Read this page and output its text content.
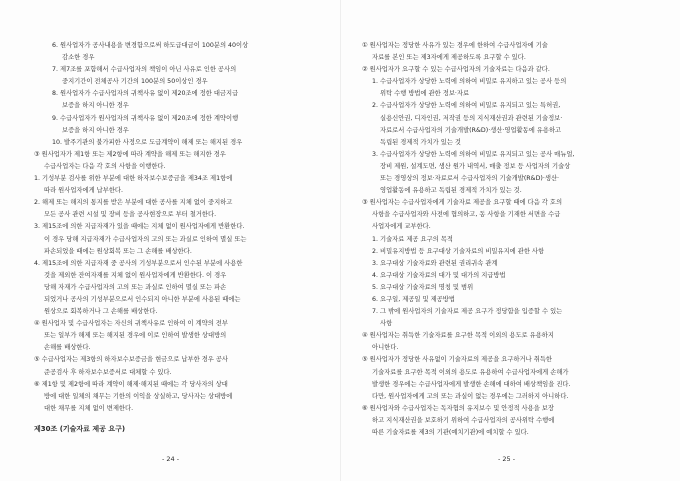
6. 원사업자가 공사내용을 변경함으로써 하도급대금이 100분의 40이상
감소한 경우
7. 제7조를 포함해서 수급사업자의 책임이 아닌 사유로 인한 공사의
중지기간이 전체공사 기간의 100분의 50이상인 경우
8. 원사업자가 수급사업자의 귀책사유 없이 제20조에 정한 대금지급
보증을 하지 아니한 경우
9. 수급사업자가 원사업자의 귀책사유 없이 제20조에 정한 계약이행
보증을 하지 아니한 경우
10. 발주기관의 불가피한 사정으로 도급계약이 해제 또는 해지된 경우
③ 원사업자가 제1항 또는 제2항에 따라 계약을 해제 또는 해지한 경우
수급사업자는 다음 각 호의 사항을 이행한다.
1. 기성부분 검사를 위한 부분에 대한 하자보수보증금을 제34조 제1항에
따라 원사업자에게 납부한다.
2. 해제 또는 해지의 통지를 받은 부분에 대한 공사를 지체 없이 중지하고
모든 공사 관련 시설 및 장비 등을 공사현장으로 부터 철거한다.
3. 제15조에 의한 지급자재가 있을 때에는 지체 없이 원사업자에게 반환한다.
이 경우 당해 지급자재가 수급사업자의 고의 또는 과실로 인하여 멸실 또는
파손되었을 때에는 원상회복 또는 그 손해를 배상한다.
4. 제15조에 의한 지급자재 중 공사의 기성부분으로서 인수된 부분에 사용한
것을 제외한 잔여자재를 지체 없이 원사업자에게 반환한다. 이 경우
당해 자재가 수급사업자의 고의 또는 과실로 인하여 멸실 또는 파손
되었거나 공사의 기성부분으로서 인수되지 아니한 부분에 사용된 때에는
원상으로 회복하거나 그 손해를 배상한다.
④ 원사업자 및 수급사업자는 자신의 귀책사유로 인하여 이 계약의 전부
또는 일부가 해제 또는 해지된 경우에 이로 인하여 발생한 상대방의
손해를 배상한다.
⑤ 수급사업자는 제3항의 하자보수보증금을 현금으로 납부한 경우 공사
준공검사 후 하자보수보증서로 대체할 수 있다.
⑥ 제1항 및 제2항에 따라 계약이 해제·해지된 때에는 각 당사자의 상대
방에 대한 일체의 채무는 기한의 이익을 상실하고, 당사자는 상대방에
대한 채무를 지체 없이 변제한다.
제30조 (기술자료 제공 요구)
① 원사업자는 정당한 사유가 있는 경우에 한하여 수급사업자에 기술
자료를 본인 또는 제3자에게 제공하도록 요구할 수 있다.
② 원사업자가 요구할 수 있는 수급사업자의 기술자료는 다음과 같다.
1. 수급사업자가 상당한 노력에 의하여 비밀로 유지하고 있는 공사 등의
위탁 수행 방법에 관한 정보·자료
2. 수급사업자가 상당한 노력에 의하여 비밀로 유지되고 있는 특허권,
실용신안권, 디자인권, 저작권 등의 지식재산권과 관련된 기술정보·
자료로서 수급사업자의 기술개발(R&D)·생산·영업활동에 유용하고
독립된 경제적 가치가 있는 것
3. 수급사업자가 상당한 노력에 의하여 비밀로 유지되고 있는 공사 매뉴얼,
장비 제원, 설계도면, 생산 원가 내역서, 매출 정보 등 사업자의 기술상
또는 경영상의 정보·자료로서 수급사업자의 기술개발(R&D)·생산·
영업활동에 유용하고 독립된 경제적 가치가 있는 것.
③ 원사업자는 수급사업자에게 기술자료 제공을 요구할 때에 다음 각 호의
사항을 수급사업자와 사전에 협의하고, 동 사항을 기재한 서면을 수급
사업자에게 교부한다.
1. 기술자료 제공 요구의 목적
2. 비밀유지방법 등 요구대상 기술자료의 비밀유지에 관한 사항
3. 요구대상 기술자료와 관련된 권리귀속 관계
4. 요구대상 기술자료의 대가 및 대가의 지급방법
5. 요구대상 기술자료의 명칭 및 범위
6. 요구일, 제공일 및 제공방법
7. 그 밖에 원사업자의 기술자료 제공 요구가 정당함을 입증할 수 있는
사항
④ 원사업자는 취득한 기술자료를 요구한 목적 이외의 용도로 유용하지
아니한다.
⑤ 원사업자가 정당한 사유없이 기술자료의 제공을 요구하거나 취득한
기술자료를 요구한 목적 이외의 용도로 유용하여 수급사업자에게 손해가
발생한 경우에는 수급사업자에게 발생한 손해에 대하여 배상책임을 진다.
다만, 원사업자에게 고의 또는 과실이 없는 경우에는 그러하지 아니하다.
⑥ 원사업자와 수급사업자는 독자협의 유지보수 및 안정적 사용을 보장
하고 지식재산권을 보호하기 위하여 수급사업자의 공사위탁 수행에
따른 기술자료를 제3의 기관(예치기관)에 예치할 수 있다.
- 24 -	- 25 -
